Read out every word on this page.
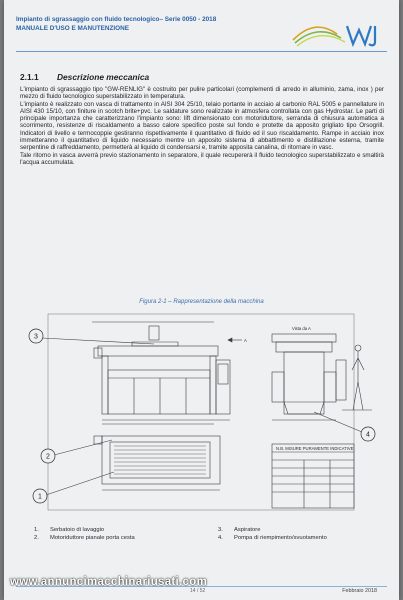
Impianto di sgrassaggio con fluido tecnologico– Serie 0050 - 2018
MANUALE D'USO E MANUTENZIONE
2.1.1 Descrizione meccanica

L'impianto di sgrassaggio tipo "GW-RENLIG" è costruito per pulire particolari (complementi di arredo in alluminio, zama, inox ) per mezzo di fluido tecnologico superstabilizzato in temperatura.

L'impianto è realizzato con vasca di trattamento in AISI 304 25/10, telaio portante in acciaio al carbonio RAL 5005 e pannellature in AISI 430 15/10, con finiture in scotch brite+pvc. Le saldature sono realizzate in atmosfera controllata con gas Hydrostar. Le parti di principale importanza che caratterizzano l'impianto sono: lift dimensionato con motoriduttore, serranda di chiusura automatica a scorrimento, resistenze di riscaldamento a basso calore specifico poste sul fondo e protette da apposito grigliato tipo Orsogrill. Indicatori di livello e termocoppie gestiranno rispettivamente il quantitativo di fluido ed il suo riscaldamento. Rampe in acciaio inox immetteranno il quantitativo di liquido necessario mentre un apposito sistema di abbattimento e distillazione esterna, tramite serpentine di raffreddamento, permetterà al liquido di condensarsi e, tramite apposita canalina, di ritornare in vasc.

Tale ritorno in vasca avverrà previo stazionamento in separatore, il quale recupererà il fluido tecnologico superstabilizzato e smaltirà l'acqua accumulata.

Figura 2-1 – Rappresentazione della macchina
3
2
1
4
Vista da A
A
N.B. MISURE PURAMENTE INDICATIVE
1. Serbatoio di lavaggio
2. Motoriduttore pianale porta cesta
3. Aspiratore
4. Pompa di riempimento/svuotamento
14 / 52	Febbraio 2018
www.annuncimacchinariusati.com
